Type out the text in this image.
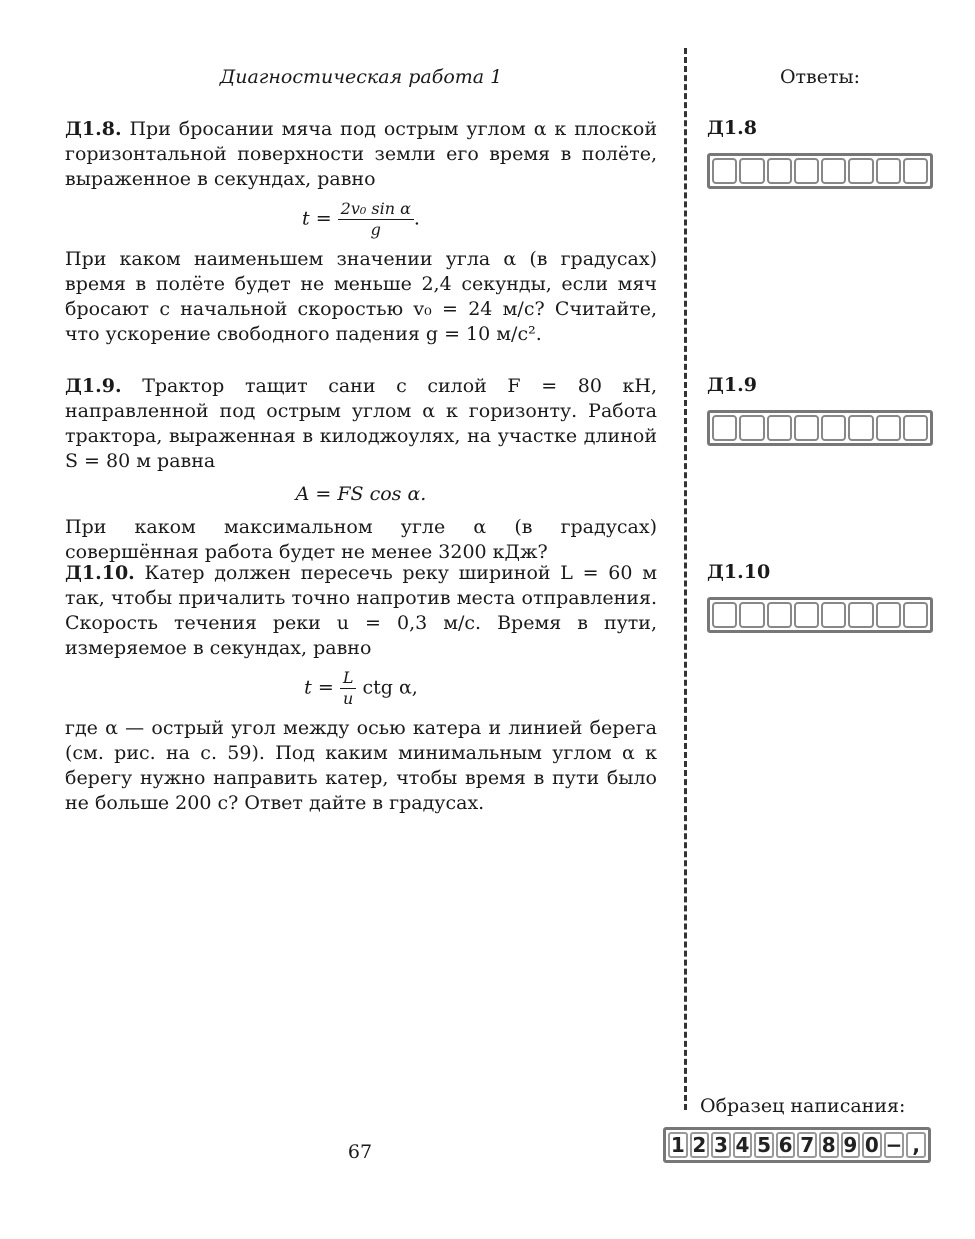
Диагностическая работа 1	Ответы:
Д1.8. При бросании мяча под острым углом α к плоской горизонтальной поверхности земли его время в полёте, выраженное в секундах, равно
$t = \frac{\text{2v₀ sin α}}{g}$ .
При каком наименьшем значении угла α (в градусах) время в полёте будет не меньше 2,4 секунды, если мяч бросают с начальной скоростью v₀ = 24 м/с? Считайте, что ускорение свободного падения g = 10 м/с².
Д1.9. Трактор тащит сани с силой F = 80 кН, направленной под острым углом α к горизонту. Работа трактора, выраженная в килоджоулях, на участке длиной S = 80 м равна
A = FS cos α.
При каком максимальном угле α (в градусах) совершённая работа будет не менее 3200 кДж?
Д1.10. Катер должен пересечь реку шириной L = 60 м так, чтобы причалить точно напротив места отправления. Скорость течения реки u = 0,3 м/с. Время в пути, измеряемое в секундах, равно
$t = \frac{L}{u}$ ctg α,
где α — острый угол между осью катера и линией берега (см. рис. на с. 59). Под каким минимальным углом α к берегу нужно направить катер, чтобы время в пути было не больше 200 с? Ответ дайте в градусах.
Д1.8
Д1.9
Д1.10
Образец написания:
1 2 3 4 5 6 7 8 9 0 − ,
67
